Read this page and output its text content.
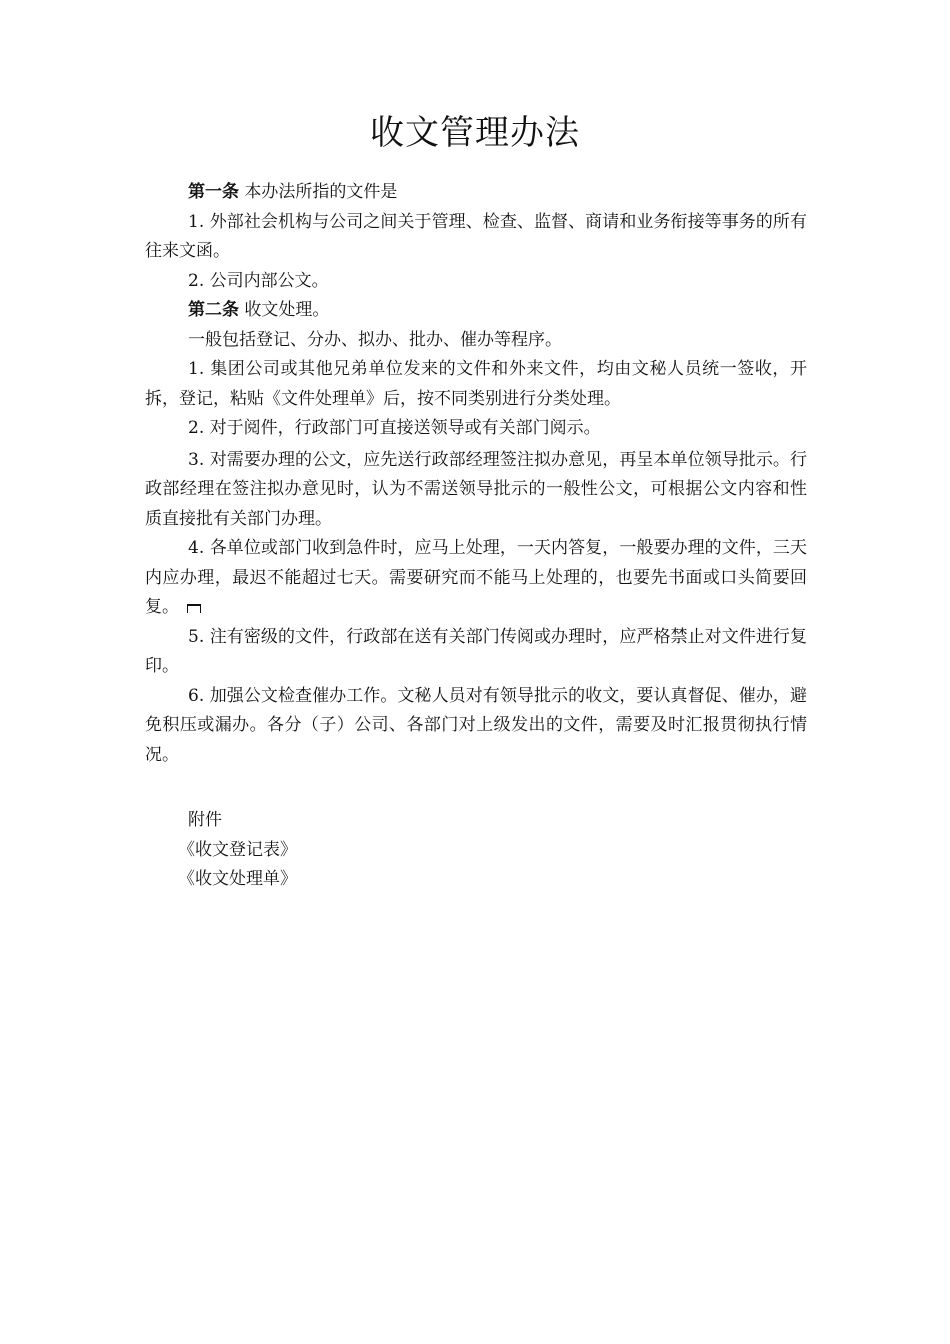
收文管理办法

第一条 本办法所指的文件是

1. 外部社会机构与公司之间关于管理、检查、监督、商请和业务衔接等事务的所有往来文函。

2. 公司内部公文。

第二条 收文处理。

一般包括登记、分办、拟办、批办、催办等程序。

1. 集团公司或其他兄弟单位发来的文件和外来文件，均由文秘人员统一签收，开拆，登记，粘贴《文件处理单》后，按不同类别进行分类处理。

2. 对于阅件，行政部门可直接送领导或有关部门阅示。

3. 对需要办理的公文，应先送行政部经理签注拟办意见，再呈本单位领导批示。行政部经理在签注拟办意见时，认为不需送领导批示的一般性公文，可根据公文内容和性质直接批有关部门办理。

4. 各单位或部门收到急件时，应马上处理，一天内答复，一般要办理的文件，三天内应办理，最迟不能超过七天。需要研究而不能马上处理的，也要先书面或口头简要回复。

5. 注有密级的文件，行政部在送有关部门传阅或办理时，应严格禁止对文件进行复印。

6. 加强公文检查催办工作。文秘人员对有领导批示的收文，要认真督促、催办，避免积压或漏办。各分（子）公司、各部门对上级发出的文件，需要及时汇报贯彻执行情况。

附件
《收文登记表》
《收文处理单》
